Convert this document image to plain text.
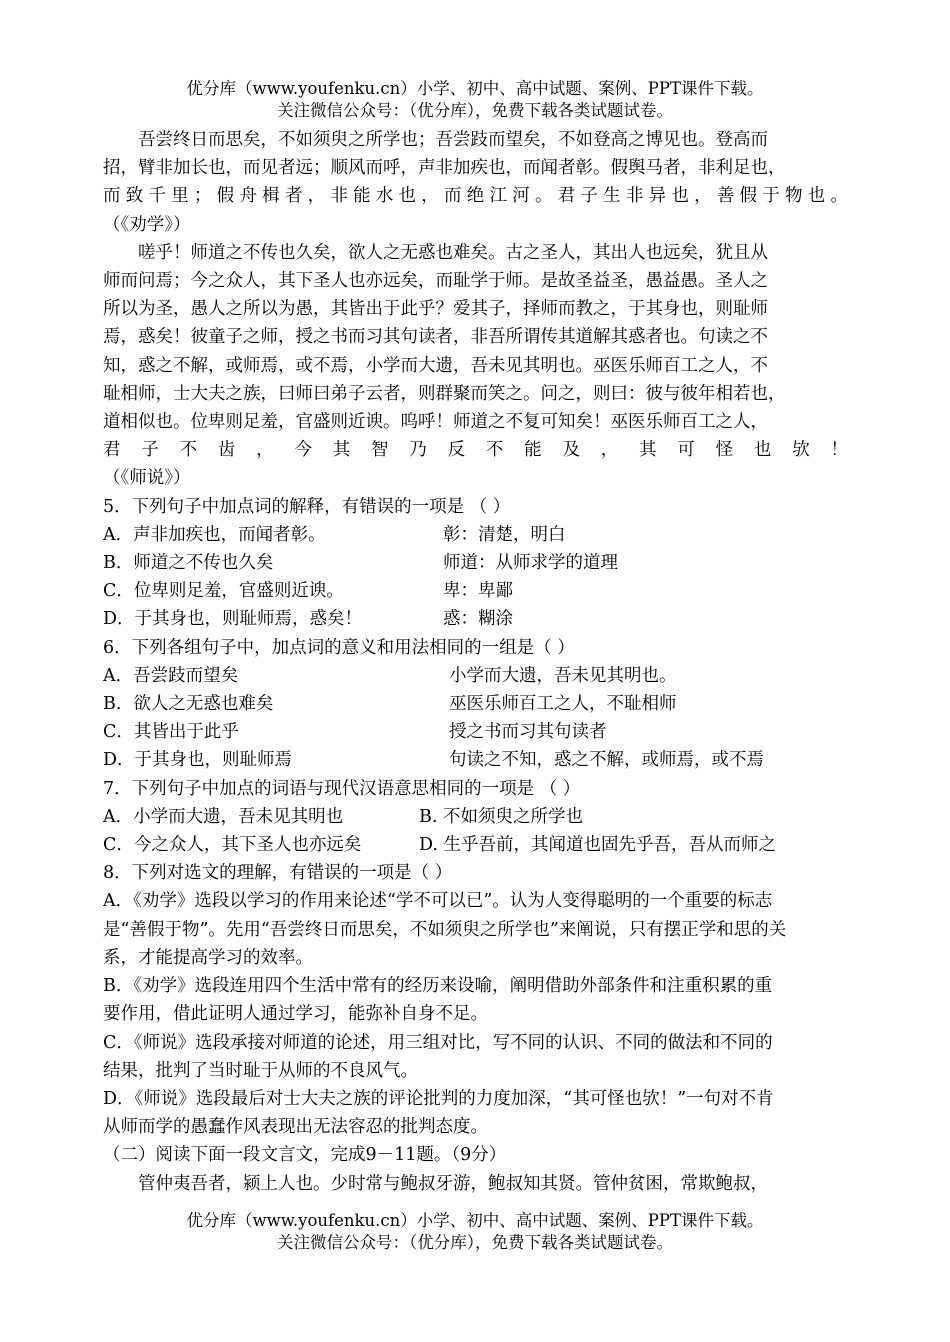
优分库（www.youfenku.cn）小学、初中、高中试题、案例、PPT课件下载。
关注微信公众号：（优分库），免费下载各类试题试卷。

吾尝终日而思矣，不如须臾之所学也；吾尝跂而望矣，不如登高之博见也。登高而

招，臂非加长也，而见者远；顺风而呼，声非加疾也，而闻者彰。假舆马者，非利足也，

而致千里；假舟楫者，非能水也，而绝江河。君子生非异也，善假于物也。

（《劝学》）

嗟乎！师道之不传也久矣，欲人之无惑也难矣。古之圣人，其出人也远矣，犹且从

师而问焉；今之众人，其下圣人也亦远矣，而耻学于师。是故圣益圣，愚益愚。圣人之

所以为圣，愚人之所以为愚，其皆出于此乎？爱其子，择师而教之，于其身也，则耻师

焉，惑矣！彼童子之师，授之书而习其句读者，非吾所谓传其道解其惑者也。句读之不

知，惑之不解，或师焉，或不焉，小学而大遗，吾未见其明也。巫医乐师百工之人，不

耻相师，士大夫之族，曰师曰弟子云者，则群聚而笑之。问之，则曰：彼与彼年相若也，

道相似也。位卑则足羞，官盛则近谀。呜呼！师道之不复可知矣！巫医乐师百工之人，

君子不齿，今其智乃反不能及，其可怪也欤！

（《师说》）

5．下列句子中加点词的解释，有错误的一项是 （ ）

A．声非加疾也，而闻者彰。	彰：清楚，明白
B．师道之不传也久矣	师道：从师求学的道理
C．位卑则足羞，官盛则近谀。	卑：卑鄙
D．于其身也，则耻师焉，惑矣！	惑：糊涂

6．下列各组句子中，加点词的意义和用法相同的一组是（ ）

A．吾尝跂而望矣	小学而大遗，吾未见其明也。
B．欲人之无惑也难矣	巫医乐师百工之人，不耻相师
C．其皆出于此乎	授之书而习其句读者
D．于其身也，则耻师焉	句读之不知，惑之不解，或师焉，或不焉

7．下列句子中加点的词语与现代汉语意思相同的一项是 （ ）

A．小学而大遗，吾未见其明也	B. 不如须臾之所学也
C．今之众人，其下圣人也亦远矣	D. 生乎吾前，其闻道也固先乎吾，吾从而师之

8．下列对选文的理解，有错误的一项是（ ）

A．《劝学》选段以学习的作用来论述“学不可以已”。认为人变得聪明的一个重要的标志

是“善假于物”。先用“吾尝终日而思矣，不如须臾之所学也”来阐说，只有摆正学和思的关

系，才能提高学习的效率。

B．《劝学》选段连用四个生活中常有的经历来设喻，阐明借助外部条件和注重积累的重

要作用，借此证明人通过学习，能弥补自身不足。

C．《师说》选段承接对师道的论述，用三组对比，写不同的认识、不同的做法和不同的

结果，批判了当时耻于从师的不良风气。

D．《师说》选段最后对士大夫之族的评论批判的力度加深，“其可怪也欤！”一句对不肯

从师而学的愚蠢作风表现出无法容忍的批判态度。

（二）阅读下面一段文言文，完成9－11题。（9分）

管仲夷吾者，颍上人也。少时常与鲍叔牙游，鲍叔知其贤。管仲贫困，常欺鲍叔，

优分库（www.youfenku.cn）小学、初中、高中试题、案例、PPT课件下载。
关注微信公众号：（优分库），免费下载各类试题试卷。
